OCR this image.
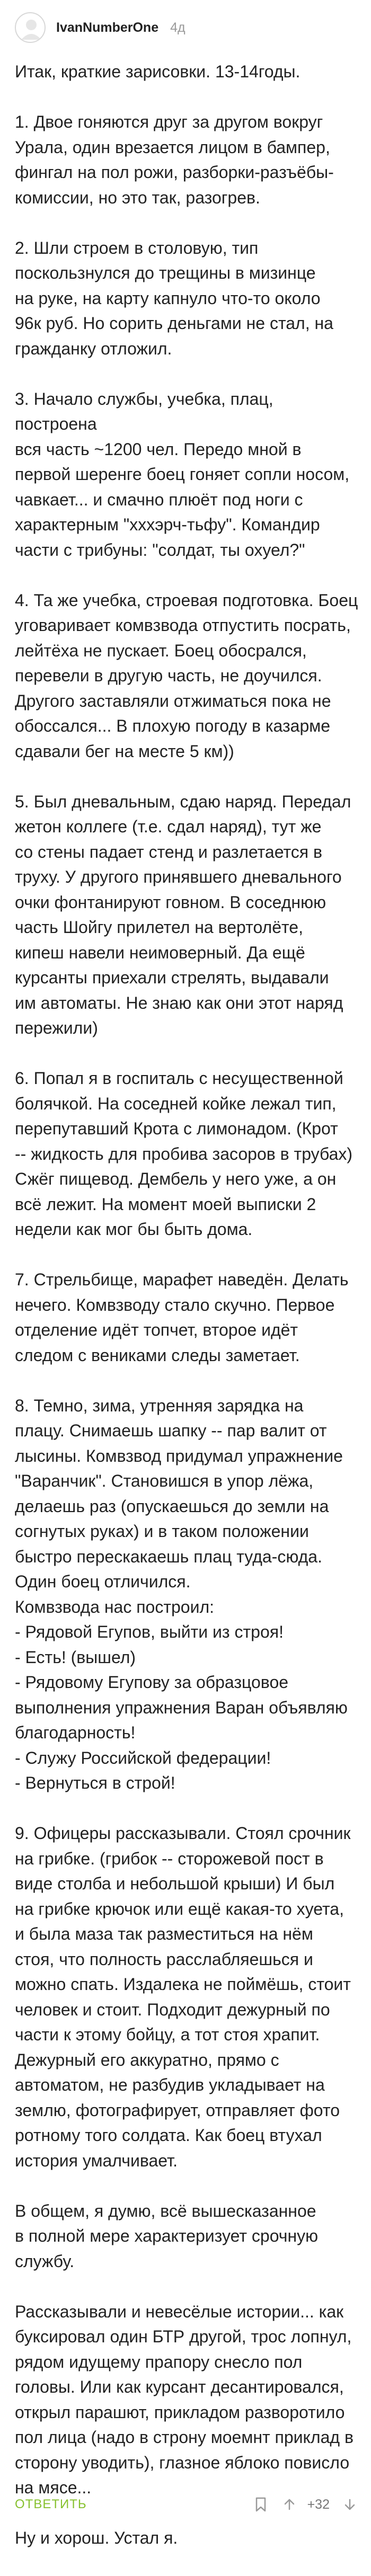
IvanNumberOne 4д

Итак, краткие зарисовки. 13-14годы.

1. Двое гоняются друг за другом вокруг
Урала, один врезается лицом в бампер,
фингал на пол рожи, разборки-разъёбы-
комиссии, но это так, разогрев.

2. Шли строем в столовую, тип
поскользнулся до трещины в мизинце
на руке, на карту капнуло что-то около
96к руб. Но сорить деньгами не стал, на
гражданку отложил.

3. Начало службы, учебка, плац, построена
вся часть ~1200 чел. Передо мной в
первой шеренге боец гоняет сопли носом,
чавкает... и смачно плюёт под ноги с
характерным "хххэрч-тьфу". Командир
части с трибуны: "солдат, ты охуел?"

4. Та же учебка, строевая подготовка. Боец
уговаривает комвзвода отпустить посрать,
лейтёха не пускает. Боец обосрался,
перевели в другую часть, не доучился.
Другого заставляли отжиматься пока не
обоссался... В плохую погоду в казарме
сдавали бег на месте 5 км))

5. Был дневальным, сдаю наряд. Передал
жетон коллеге (т.е. сдал наряд), тут же
со стены падает стенд и разлетается в
труху. У другого принявшего дневального
очки фонтанируют говном. В соседнюю
часть Шойгу прилетел на вертолёте,
кипеш навели неимоверный. Да ещё
курсанты приехали стрелять, выдавали
им автоматы. Не знаю как они этот наряд
пережили)

6. Попал я в госпиталь с несущественной
болячкой. На соседней койке лежал тип,
перепутавший Крота с лимонадом. (Крот
-- жидкость для пробива засоров в трубах)
Сжёг пищевод. Дембель у него уже, а он
всё лежит. На момент моей выписки 2
недели как мог бы быть дома.

7. Стрельбище, марафет наведён. Делать
нечего. Комвзводу стало скучно. Первое
отделение идёт топчет, второе идёт
следом с вениками следы заметает.

8. Темно, зима, утренняя зарядка на
плацу. Снимаешь шапку -- пар валит от
лысины. Комвзвод придумал упражнение
"Варанчик". Становишся в упор лёжа,
делаешь раз (опускаешься до земли на
согнутых руках) и в таком положении
быстро перескакаешь плац туда-сюда.
Один боец отличился.
Комвзвода нас построил:
- Рядовой Егупов, выйти из строя!
- Есть! (вышел)
- Рядовому Егупову за образцовое
выполнения упражнения Варан объявляю
благодарность!
- Служу Российской федерации!
- Вернуться в строй!

9. Офицеры рассказывали. Стоял срочник
на грибке. (грибок -- сторожевой пост в
виде столба и небольшой крыши) И был
на грибке крючок или ещё какая-то хуета,
и была маза так разместиться на нём
стоя, что полность расслабляешься и
можно спать. Издалека не поймёшь, стоит
человек и стоит. Подходит дежурный по
части к этому бойцу, а тот стоя храпит.
Дежурный его аккуратно, прямо с
автоматом, не разбудив укладывает на
землю, фотографирует, отправляет фото
ротному того солдата. Как боец втухал
история умалчивает.

В общем, я думю, всё вышесказанное
в полной мере характеризует срочную
службу.

Рассказывали и невесёлые истории... как
буксировал один БТР другой, трос лопнул,
рядом идущему прапору снесло пол
головы. Или как курсант десантировался,
открыл парашют, прикладом разворотило
пол лица (надо в строну моемнт приклад в
сторону уводить), глазное яблоко повисло
на мясе...

Ну и хорош. Устал я.

ОТВЕТИТЬ	+32
